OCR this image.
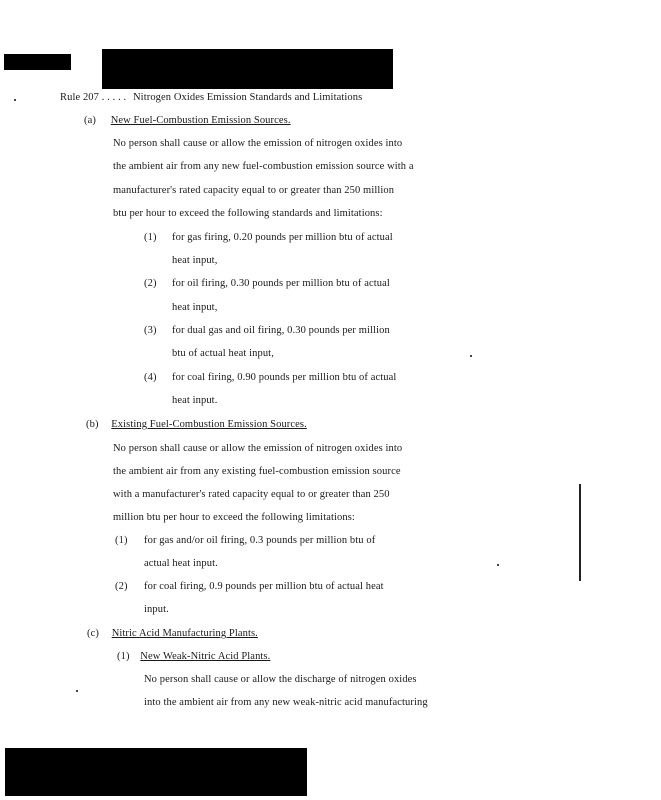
Rule 207 . . . . . Nitrogen Oxides Emission Standards and Limitations
(a) New Fuel-Combustion Emission Sources.
No person shall cause or allow the emission of nitrogen oxides into
the ambient air from any new fuel-combustion emission source with a
manufacturer's rated capacity equal to or greater than 250 million
btu per hour to exceed the following standards and limitations:
(1) for gas firing, 0.20 pounds per million btu of actual
heat input,
(2) for oil firing, 0.30 pounds per million btu of actual
heat input,
(3) for dual gas and oil firing, 0.30 pounds per million
btu of actual heat input,
(4) for coal firing, 0.90 pounds per million btu of actual
heat input.
(b) Existing Fuel-Combustion Emission Sources.
No person shall cause or allow the emission of nitrogen oxides into
the ambient air from any existing fuel-combustion emission source
with a manufacturer's rated capacity equal to or greater than 250
million btu per hour to exceed the following limitations:
(1) for gas and/or oil firing, 0.3 pounds per million btu of
actual heat input.
(2) for coal firing, 0.9 pounds per million btu of actual heat
input.
(c) Nitric Acid Manufacturing Plants.
(1) New Weak-Nitric Acid Plants.
No person shall cause or allow the discharge of nitrogen oxides
into the ambient air from any new weak-nitric acid manufacturing
